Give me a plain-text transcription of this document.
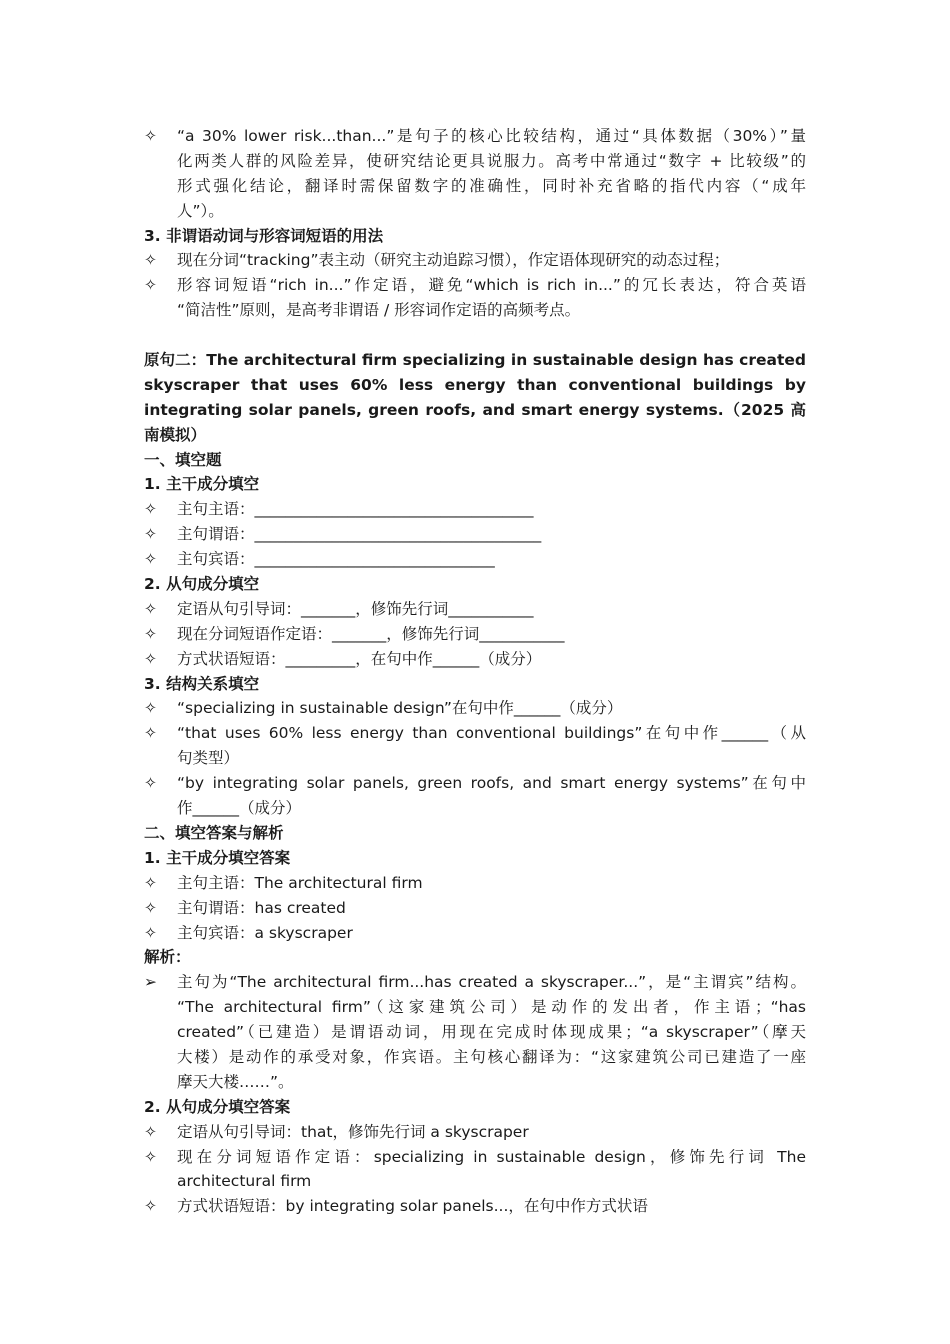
✧	“a 30% lower risk...than...”是句子的核心比较结构，通过“具体数据（30%）”量
化两类人群的风险差异，使研究结论更具说服力。高考中常通过“数字 + 比较级”的
形式强化结论，翻译时需保留数字的准确性，同时补充省略的指代内容（“成年
人”）。
3. 非谓语动词与形容词短语的用法
✧	现在分词“tracking”表主动（研究主动追踪习惯），作定语体现研究的动态过程；
✧	形容词短语“rich in...”作定语，避免“which is rich in...”的冗长表达，符合英语
“简洁性”原则，是高考非谓语 / 形容词作定语的高频考点。
原句二：The architectural firm specializing in sustainable design has created
skyscraper that uses 60% less energy than conventional buildings by
integrating solar panels, green roofs, and smart energy systems.（2025 高
南模拟）
一、填空题
1. 主干成分填空
✧	主句主语：____________________________________
✧	主句谓语：_____________________________________
✧	主句宾语：_______________________________
2. 从句成分填空
✧	定语从句引导词：_______，修饰先行词___________
✧	现在分词短语作定语：_______，修饰先行词___________
✧	方式状语短语：_________，在句中作______（成分）
3. 结构关系填空
✧	“specializing in sustainable design”在句中作______（成分）
✧	“that uses 60% less energy than conventional buildings”在句中作______（从
句类型）
✧	“by integrating solar panels, green roofs, and smart energy systems”在句中
作______（成分）
二、填空答案与解析
1. 主干成分填空答案
✧	主句主语：The architectural firm
✧	主句谓语：has created
✧	主句宾语：a skyscraper
解析：
➢	主句为“The architectural firm...has created a skyscraper...”，是“主谓宾”结构。
“The architectural firm”（这家建筑公司）是动作的发出者，作主语；“has
created”（已建造）是谓语动词，用现在完成时体现成果；“a skyscraper”（摩天
大楼）是动作的承受对象，作宾语。主句核心翻译为：“这家建筑公司已建造了一座
摩天大楼……”。
2. 从句成分填空答案
✧	定语从句引导词：that，修饰先行词 a skyscraper
✧	现在分词短语作定语：specializing in sustainable design，修饰先行词 The
architectural firm
✧	方式状语短语：by integrating solar panels...，在句中作方式状语
